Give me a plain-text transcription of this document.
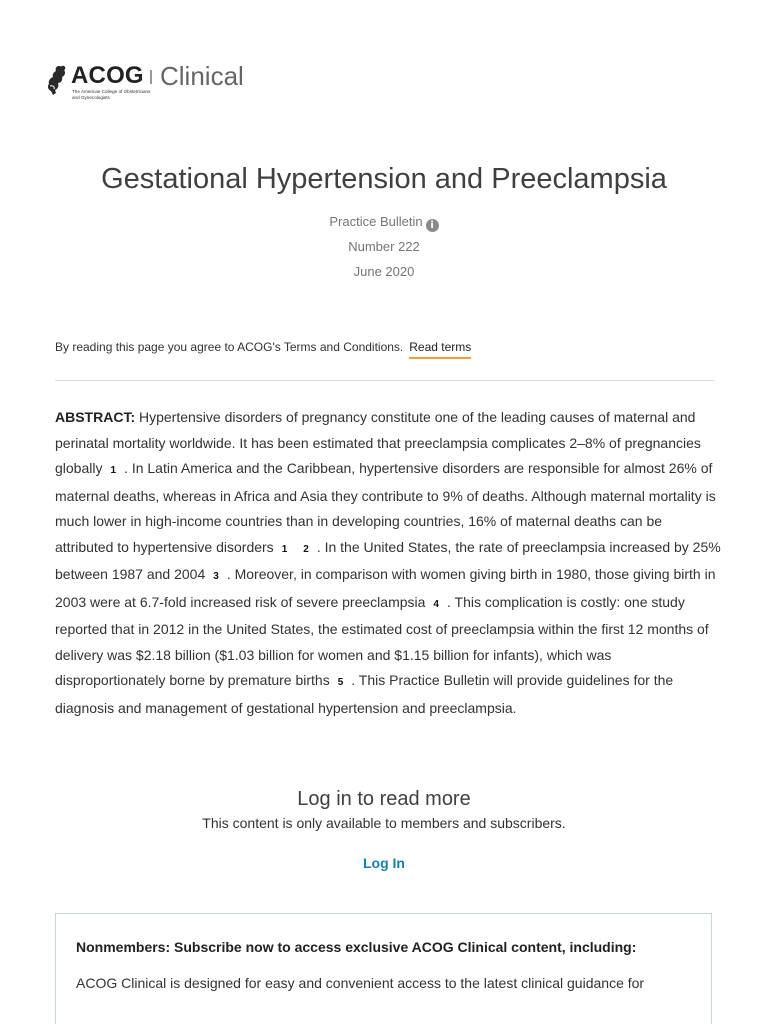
ACOG
The American College of Obstetricians and Gynecologists
Clinical
Gestational Hypertension and Preeclampsia
Practice Bulletin i
Number 222
June 2020
By reading this page you agree to ACOG's Terms and Conditions. Read terms
ABSTRACT: Hypertensive disorders of pregnancy constitute one of the leading causes of maternal and perinatal mortality worldwide. It has been estimated that preeclampsia complicates 2–8% of pregnancies globally 1 . In Latin America and the Caribbean, hypertensive disorders are responsible for almost 26% of maternal deaths, whereas in Africa and Asia they contribute to 9% of deaths. Although maternal mortality is much lower in high-income countries than in developing countries, 16% of maternal deaths can be attributed to hypertensive disorders 1 2 . In the United States, the rate of preeclampsia increased by 25% between 1987 and 2004 3 . Moreover, in comparison with women giving birth in 1980, those giving birth in 2003 were at 6.7-fold increased risk of severe preeclampsia 4 . This complication is costly: one study reported that in 2012 in the United States, the estimated cost of preeclampsia within the first 12 months of delivery was $2.18 billion ($1.03 billion for women and $1.15 billion for infants), which was disproportionately borne by premature births 5 . This Practice Bulletin will provide guidelines for the diagnosis and management of gestational hypertension and preeclampsia.
Log in to read more
This content is only available to members and subscribers.
Log In
Nonmembers: Subscribe now to access exclusive ACOG Clinical content, including:
ACOG Clinical is designed for easy and convenient access to the latest clinical guidance for
